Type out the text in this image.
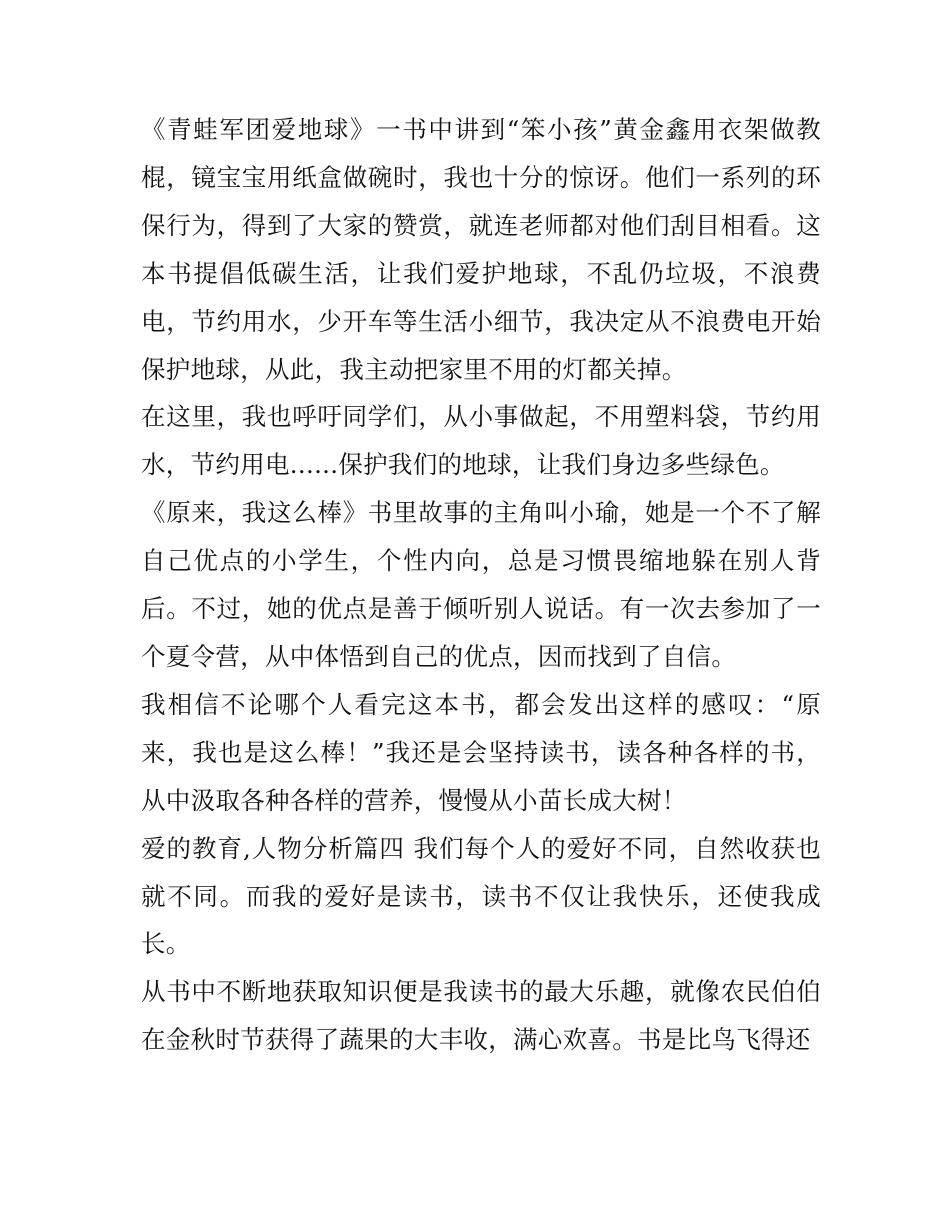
《青蛙军团爱地球》一书中讲到“笨小孩”黄金鑫用衣架做教棍，镜宝宝用纸盒做碗时，我也十分的惊讶。他们一系列的环保行为，得到了大家的赞赏，就连老师都对他们刮目相看。这本书提倡低碳生活，让我们爱护地球，不乱仍垃圾，不浪费电，节约用水，少开车等生活小细节，我决定从不浪费电开始保护地球，从此，我主动把家里不用的灯都关掉。

在这里，我也呼吁同学们，从小事做起，不用塑料袋，节约用水，节约用电......保护我们的地球，让我们身边多些绿色。

《原来，我这么棒》书里故事的主角叫小瑜，她是一个不了解自己优点的小学生，个性内向，总是习惯畏缩地躲在别人背后。不过，她的优点是善于倾听别人说话。有一次去参加了一个夏令营，从中体悟到自己的优点，因而找到了自信。

我相信不论哪个人看完这本书，都会发出这样的感叹：“原来，我也是这么棒！”我还是会坚持读书，读各种各样的书，从中汲取各种各样的营养，慢慢从小苗长成大树！

爱的教育,人物分析篇四 我们每个人的爱好不同，自然收获也就不同。而我的爱好是读书，读书不仅让我快乐，还使我成长。

从书中不断地获取知识便是我读书的最大乐趣，就像农民伯伯在金秋时节获得了蔬果的大丰收，满心欢喜。书是比鸟飞得还
